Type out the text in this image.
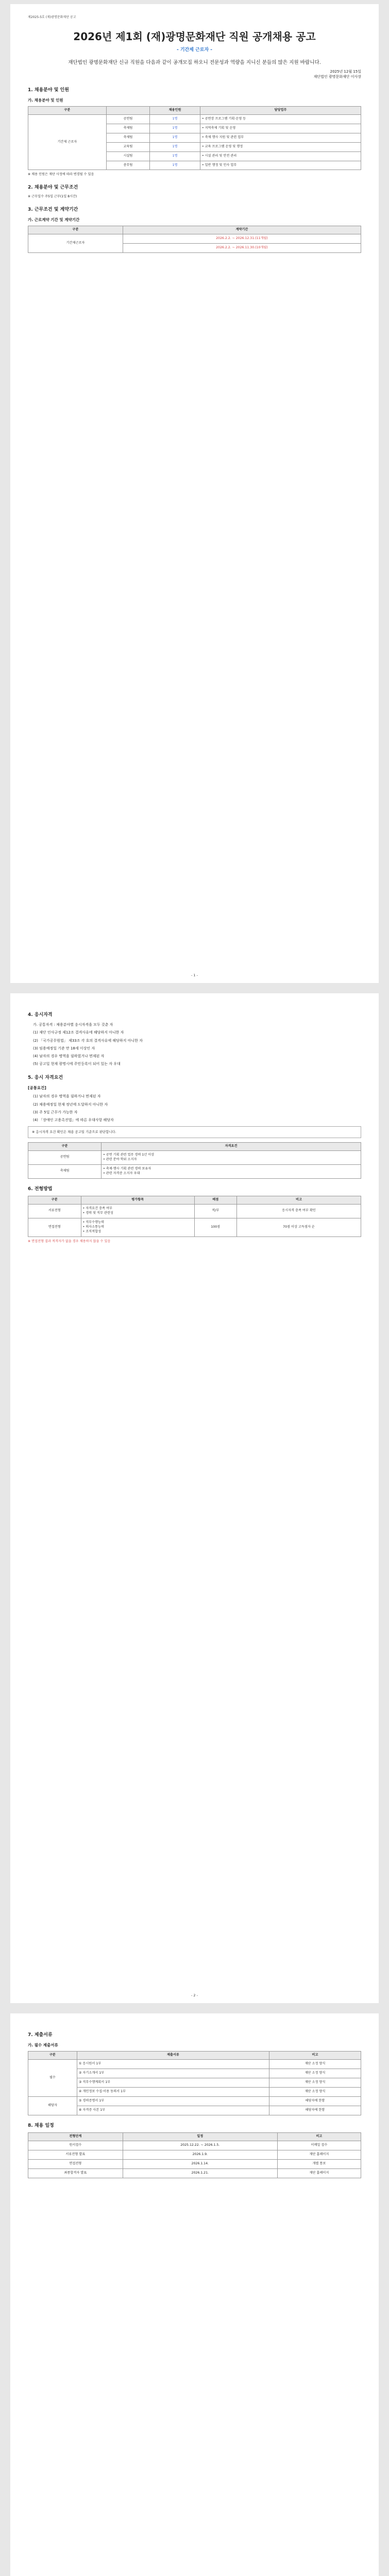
제2025-5호 (재)광명문화재단 공고
2026년 제1회 (재)광명문화재단 직원 공개채용 공고
- 기간제 근로자 -
재단법인 광명문화재단 신규 직원을 다음과 같이 공개모집 하오니 전문성과 역량을 지니신 분들의 많은 지원 바랍니다.
2025년 12월 15일
재단법인 광명문화재단 이사장
1. 채용분야 및 인원
가. 채용분야 및 인원
구분		채용인원	담당업무
기간제 근로자	공연팀	1명	• 공연장 프로그램 기획·운영 등
	축제팀	1명	• 지역축제 기획 및 운영
	축제팀	1명	• 축제 행사 지원 및 관련 업무
	교육팀	1명	• 교육 프로그램 운영 및 행정
	시설팀	1명	• 시설 관리 및 안전 관리
	총무팀	1명	• 일반 행정 및 인사 업무
※ 채용 인원은 재단 사정에 따라 변경될 수 있음
2. 채용분야 및 근무조건
※ 근무일수 주5일 근무(1일 8시간)
3. 근무조건 및 계약기간
가. 근로계약 기간 및 계약기간
구분	계약기간
기간제근로자	2026.2.2. ~ 2026.12.31.(11개월)
	2026.2.2. ~ 2026.11.30.(10개월)
- 1 -
4. 응시자격
가. 공통자격 : 채용분야별 응시자격을 모두 갖춘 자
(1) 재단 인사규정 제12조 결격사유에 해당하지 아니한 자
(2) 「국가공무원법」 제33조 각 호의 결격사유에 해당하지 아니한 자
(3) 임용예정일 기준 만 18세 이상인 자
(4) 남자의 경우 병역을 필하였거나 면제된 자
(5) 공고일 현재 광명시에 주민등록이 되어 있는 자 우대
5. 응시 자격요건
[공통요건]
(1) 남자의 경우 병역을 필하거나 면제된 자
(2) 채용예정일 현재 정년에 도달하지 아니한 자
(3) 주 5일 근무가 가능한 자
(4) 「장애인 고용촉진법」에 따른 우대사항 해당자
※ 응시자격 요건 확인은 채용 공고일 기준으로 판단합니다.
구분	자격요건
공연팀	• 공연 기획 관련 업무 경력 1년 이상
• 관련 분야 학위 소지자
축제팀	• 축제·행사 기획 관련 경력 보유자
• 관련 자격증 소지자 우대
6. 전형방법
구분	평가항목	배점	비고
서류전형	• 자격요건 충족 여부
• 경력 및 직무 관련성	적/부	응시자격 충족 여부 확인
면접전형	• 직무수행능력
• 의사소통능력
• 조직적합성	100점	70점 이상 고득점자 순
※ 면접전형 결과 적격자가 없을 경우 채용하지 않을 수 있음
- 2 -
7. 제출서류
가. 필수 제출서류
구분	제출서류	비고
필수	① 응시원서 1부	재단 소정 양식
	② 자기소개서 1부	재단 소정 양식
	③ 직무수행계획서 1부	재단 소정 양식
	④ 개인정보 수집·이용 동의서 1부	재단 소정 양식
해당자	⑤ 경력증명서 1부	해당자에 한함
	⑥ 자격증 사본 1부	해당자에 한함
8. 채용 일정
전형단계	일정	비고
원서접수	2025.12.22. ~ 2026.1.5.	이메일 접수
서류전형 발표	2026.1.9.	재단 홈페이지
면접전형	2026.1.14.	개별 통보
최종합격자 발표	2026.1.21.	재단 홈페이지
